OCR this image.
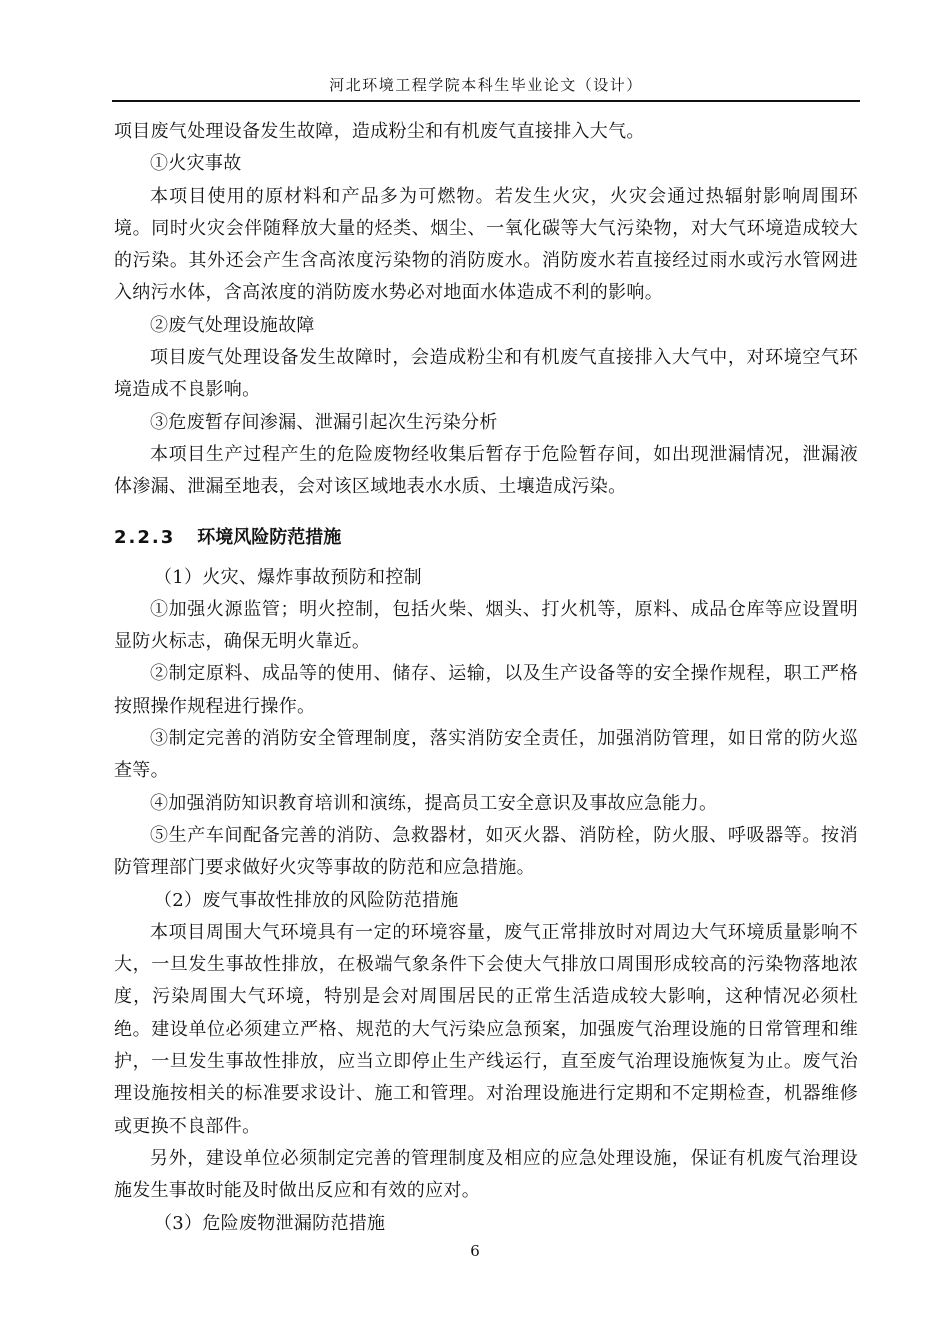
河北环境工程学院本科生毕业论文（设计）

项目废气处理设备发生故障，造成粉尘和有机废气直接排入大气。

①火灾事故

本项目使用的原材料和产品多为可燃物。若发生火灾，火灾会通过热辐射影响周围环境。同时火灾会伴随释放大量的烃类、烟尘、一氧化碳等大气污染物，对大气环境造成较大的污染。其外还会产生含高浓度污染物的消防废水。消防废水若直接经过雨水或污水管网进入纳污水体，含高浓度的消防废水势必对地面水体造成不利的影响。

②废气处理设施故障

项目废气处理设备发生故障时，会造成粉尘和有机废气直接排入大气中，对环境空气环境造成不良影响。

③危废暂存间渗漏、泄漏引起次生污染分析

本项目生产过程产生的危险废物经收集后暂存于危险暂存间，如出现泄漏情况，泄漏液体渗漏、泄漏至地表，会对该区域地表水水质、土壤造成污染。

2.2.3 环境风险防范措施

（1）火灾、爆炸事故预防和控制

①加强火源监管；明火控制，包括火柴、烟头、打火机等，原料、成品仓库等应设置明显防火标志，确保无明火靠近。

②制定原料、成品等的使用、储存、运输，以及生产设备等的安全操作规程，职工严格按照操作规程进行操作。

③制定完善的消防安全管理制度，落实消防安全责任，加强消防管理，如日常的防火巡查等。

④加强消防知识教育培训和演练，提高员工安全意识及事故应急能力。

⑤生产车间配备完善的消防、急救器材，如灭火器、消防栓，防火服、呼吸器等。按消防管理部门要求做好火灾等事故的防范和应急措施。

（2）废气事故性排放的风险防范措施

本项目周围大气环境具有一定的环境容量，废气正常排放时对周边大气环境质量影响不大，一旦发生事故性排放，在极端气象条件下会使大气排放口周围形成较高的污染物落地浓度，污染周围大气环境，特别是会对周围居民的正常生活造成较大影响，这种情况必须杜绝。建设单位必须建立严格、规范的大气污染应急预案，加强废气治理设施的日常管理和维护，一旦发生事故性排放，应当立即停止生产线运行，直至废气治理设施恢复为止。废气治理设施按相关的标准要求设计、施工和管理。对治理设施进行定期和不定期检查，机器维修或更换不良部件。

另外，建设单位必须制定完善的管理制度及相应的应急处理设施，保证有机废气治理设施发生事故时能及时做出反应和有效的应对。

（3）危险废物泄漏防范措施

6
